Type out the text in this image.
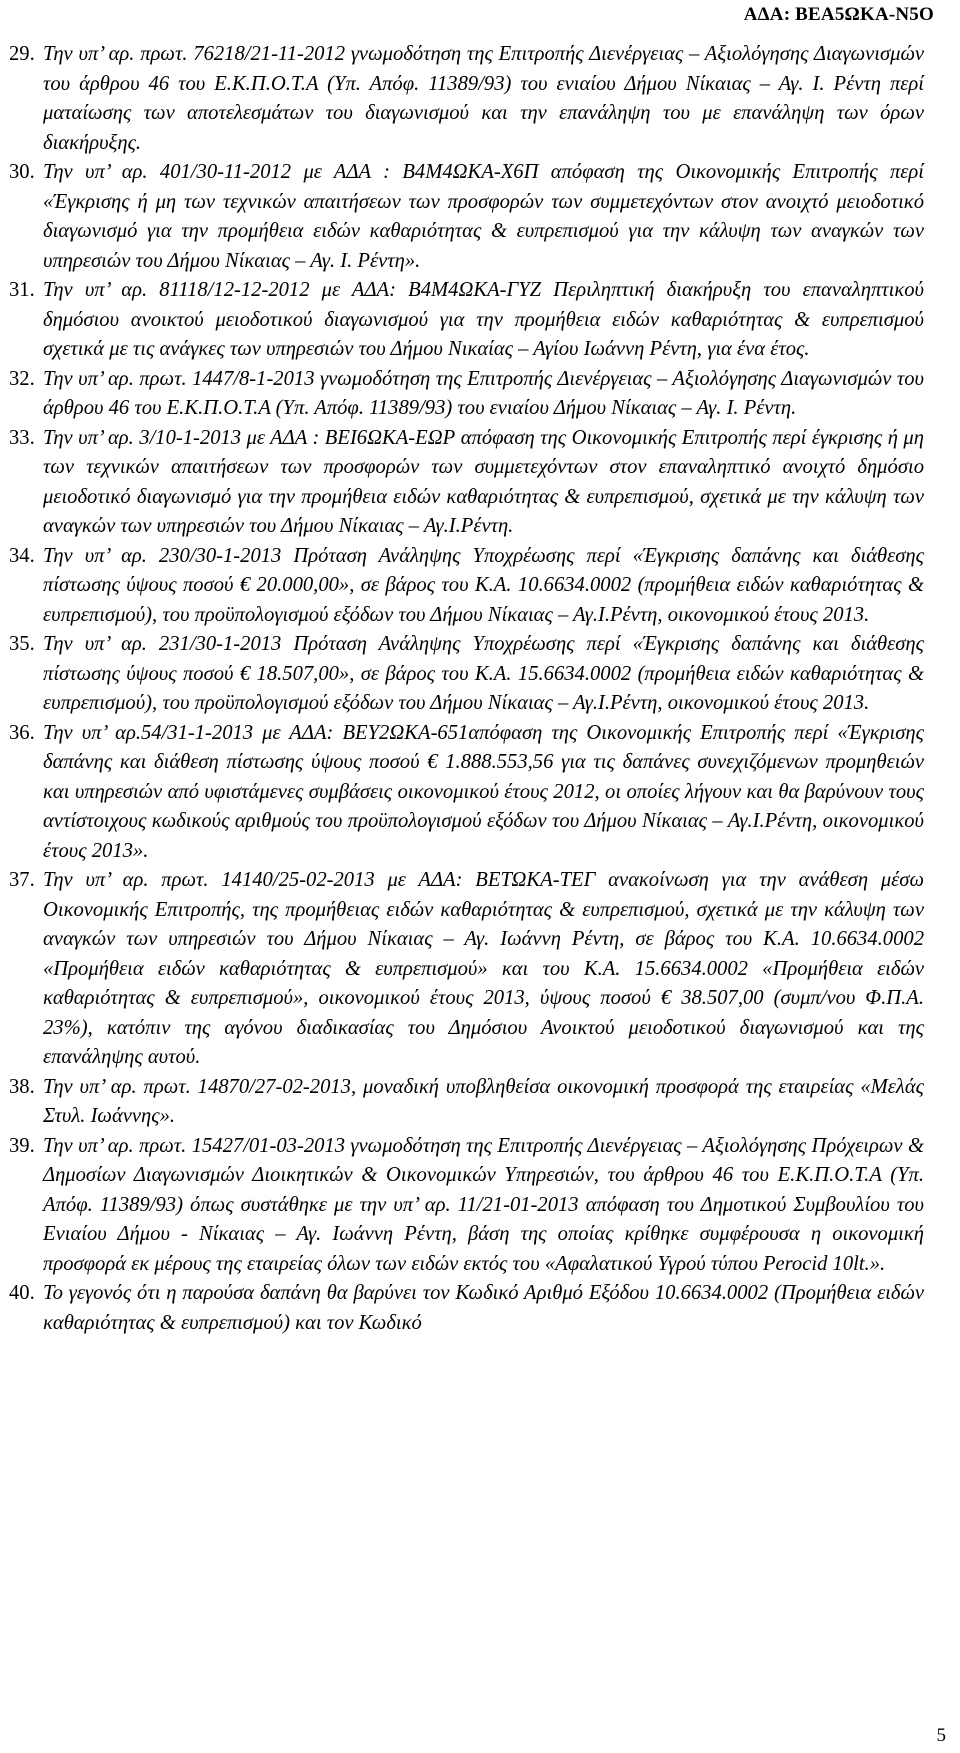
ΑΔΑ: ΒΕΑ5ΩΚΑ-Ν5Ο
29. Την υπ’ αρ. πρωτ. 76218/21-11-2012 γνωμοδότηση της Επιτροπής Διενέργειας – Αξιολόγησης Διαγωνισμών του άρθρου 46 του Ε.Κ.Π.Ο.Τ.Α (Υπ. Απόφ. 11389/93) του ενιαίου Δήμου Νίκαιας – Αγ. Ι. Ρέντη περί ματαίωσης των αποτελεσμάτων του διαγωνισμού και την επανάληψη του με επανάληψη των όρων διακήρυξης.
30. Την υπ’ αρ. 401/30-11-2012 με ΑΔΑ : Β4Μ4ΩΚΑ-Χ6Π απόφαση της Οικονομικής Επιτροπής περί «Έγκρισης ή μη των τεχνικών απαιτήσεων των προσφορών των συμμετεχόντων στον ανοιχτό μειοδοτικό διαγωνισμό για την προμήθεια ειδών καθαριότητας & ευπρεπισμού για την κάλυψη των αναγκών των υπηρεσιών του Δήμου Νίκαιας – Αγ. Ι. Ρέντη».
31. Την υπ’ αρ. 81118/12-12-2012 με ΑΔΑ: Β4Μ4ΩΚΑ-ΓΥΖ Περιληπτική διακήρυξη του επαναληπτικού δημόσιου ανοικτού μειοδοτικού διαγωνισμού για την προμήθεια ειδών καθαριότητας & ευπρεπισμού σχετικά με τις ανάγκες των υπηρεσιών του Δήμου Νικαίας – Αγίου Ιωάννη Ρέντη, για ένα έτος.
32. Την υπ’ αρ. πρωτ. 1447/8-1-2013 γνωμοδότηση της Επιτροπής Διενέργειας – Αξιολόγησης Διαγωνισμών του άρθρου 46 του Ε.Κ.Π.Ο.Τ.Α (Υπ. Απόφ. 11389/93) του ενιαίου Δήμου Νίκαιας – Αγ. Ι. Ρέντη.
33. Την υπ’ αρ. 3/10-1-2013 με ΑΔΑ : ΒΕΙ6ΩΚΑ-ΕΩΡ απόφαση της Οικονομικής Επιτροπής περί έγκρισης ή μη των τεχνικών απαιτήσεων των προσφορών των συμμετεχόντων στον επαναληπτικό ανοιχτό δημόσιο μειοδοτικό διαγωνισμό για την προμήθεια ειδών καθαριότητας & ευπρεπισμού, σχετικά με την κάλυψη των αναγκών των υπηρεσιών του Δήμου Νίκαιας – Αγ.Ι.Ρέντη.
34. Την υπ’ αρ. 230/30-1-2013 Πρόταση Ανάληψης Υποχρέωσης περί «Έγκρισης δαπάνης και διάθεσης πίστωσης ύψους ποσού € 20.000,00», σε βάρος του Κ.Α. 10.6634.0002 (προμήθεια ειδών καθαριότητας & ευπρεπισμού), του προϋπολογισμού εξόδων του Δήμου Νίκαιας – Αγ.Ι.Ρέντη, οικονομικού έτους 2013.
35. Την υπ’ αρ. 231/30-1-2013 Πρόταση Ανάληψης Υποχρέωσης περί «Έγκρισης δαπάνης και διάθεσης πίστωσης ύψους ποσού € 18.507,00», σε βάρος του Κ.Α. 15.6634.0002 (προμήθεια ειδών καθαριότητας & ευπρεπισμού), του προϋπολογισμού εξόδων του Δήμου Νίκαιας – Αγ.Ι.Ρέντη, οικονομικού έτους 2013.
36. Την υπ’ αρ.54/31-1-2013 με ΑΔΑ: ΒΕΥ2ΩΚΑ-651απόφαση της Οικονομικής Επιτροπής περί «Έγκρισης δαπάνης και διάθεση πίστωσης ύψους ποσού € 1.888.553,56 για τις δαπάνες συνεχιζόμενων προμηθειών και υπηρεσιών από υφιστάμενες συμβάσεις οικονομικού έτους 2012, οι οποίες λήγουν και θα βαρύνουν τους αντίστοιχους κωδικούς αριθμούς του προϋπολογισμού εξόδων του Δήμου Νίκαιας – Αγ.Ι.Ρέντη, οικονομικού έτους 2013».
37. Την υπ’ αρ. πρωτ. 14140/25-02-2013 με ΑΔΑ: ΒΕΤΩΚΑ-ΤΕΓ ανακοίνωση για την ανάθεση μέσω Οικονομικής Επιτροπής, της προμήθειας ειδών καθαριότητας & ευπρεπισμού, σχετικά με την κάλυψη των αναγκών των υπηρεσιών του Δήμου Νίκαιας – Αγ. Ιωάννη Ρέντη, σε βάρος του Κ.Α. 10.6634.0002 «Προμήθεια ειδών καθαριότητας & ευπρεπισμού» και του Κ.Α. 15.6634.0002 «Προμήθεια ειδών καθαριότητας & ευπρεπισμού», οικονομικού έτους 2013, ύψους ποσού € 38.507,00 (συμπ/νου Φ.Π.Α. 23%), κατόπιν της αγόνου διαδικασίας του Δημόσιου Ανοικτού μειοδοτικού διαγωνισμού και της επανάληψης αυτού.
38. Την υπ’ αρ. πρωτ. 14870/27-02-2013, μοναδική υποβληθείσα οικονομική προσφορά της εταιρείας «Μελάς Στυλ. Ιωάννης».
39. Την υπ’ αρ. πρωτ. 15427/01-03-2013 γνωμοδότηση της Επιτροπής Διενέργειας – Αξιολόγησης Πρόχειρων & Δημοσίων Διαγωνισμών Διοικητικών & Οικονομικών Υπηρεσιών, του άρθρου 46 του Ε.Κ.Π.Ο.Τ.Α (Υπ. Απόφ. 11389/93) όπως συστάθηκε με την υπ’ αρ. 11/21-01-2013 απόφαση του Δημοτικού Συμβουλίου του Ενιαίου Δήμου - Νίκαιας – Αγ. Ιωάννη Ρέντη, βάση της οποίας κρίθηκε συμφέρουσα η οικονομική προσφορά εκ μέρους της εταιρείας όλων των ειδών εκτός του «Αφαλατικού Υγρού τύπου Perocid 10lt.».
40. Το γεγονός ότι η παρούσα δαπάνη θα βαρύνει τον Κωδικό Αριθμό Εξόδου 10.6634.0002 (Προμήθεια ειδών καθαριότητας & ευπρεπισμού) και τον Κωδικό
5
